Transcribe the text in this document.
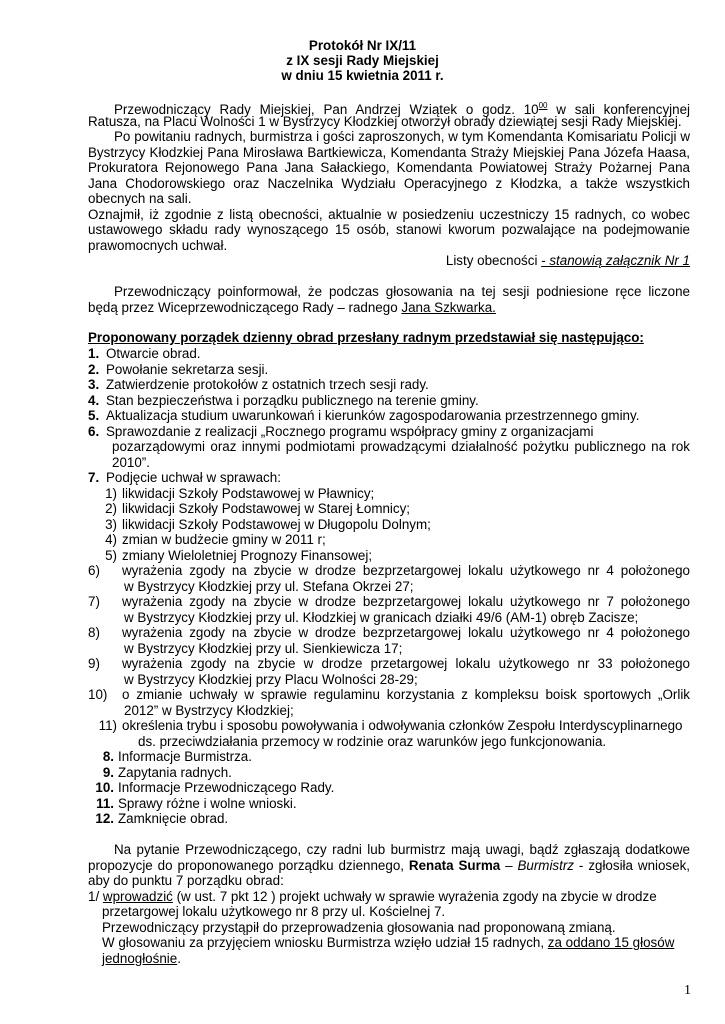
Protokół Nr IX/11
z IX sesji Rady Miejskiej
w dniu 15 kwietnia 2011 r.
Przewodniczący Rady Miejskiej, Pan Andrzej Wziątek o godz. $10^{00}$ w sali konferencyjnej
Ratusza, na Placu Wolności 1 w Bystrzycy Kłodzkiej otworzył obrady dziewiątej sesji Rady Miejskiej.
Po powitaniu radnych, burmistrza i gości zaproszonych, w tym Komendanta Komisariatu Policji w Bystrzycy Kłodzkiej Pana Mirosława Bartkiewicza, Komendanta Straży Miejskiej Pana Józefa Haasa, Prokuratora Rejonowego Pana Jana Sałackiego, Komendanta Powiatowej Straży Pożarnej Pana Jana Chodorowskiego oraz Naczelnika Wydziału Operacyjnego z Kłodzka, a także wszystkich obecnych na sali.
Oznajmił, iż zgodnie z listą obecności, aktualnie w posiedzeniu uczestniczy 15 radnych, co wobec ustawowego składu rady wynoszącego 15 osób, stanowi kworum pozwalające na podejmowanie prawomocnych uchwał.
Listy obecności - stanowią załącznik Nr 1
Przewodniczący poinformował, że podczas głosowania na tej sesji podniesione ręce liczone będą przez Wiceprzewodniczącego Rady – radnego Jana Szkwarka.
Proponowany porządek dzienny obrad przesłany radnym przedstawiał się następująco:
1. Otwarcie obrad.
2. Powołanie sekretarza sesji.
3. Zatwierdzenie protokołów z ostatnich trzech sesji rady.
4. Stan bezpieczeństwa i porządku publicznego na terenie gminy.
5. Aktualizacja studium uwarunkowań i kierunków zagospodarowania przestrzennego gminy.
6. Sprawozdanie z realizacji „Rocznego programu współpracy gminy z organizacjami
pozarządowymi oraz innymi podmiotami prowadzącymi działalność pożytku publicznego na rok
2010”.
7. Podjęcie uchwał w sprawach:
1) likwidacji Szkoły Podstawowej w Pławnicy;
2) likwidacji Szkoły Podstawowej w Starej Łomnicy;
3) likwidacji Szkoły Podstawowej w Długopolu Dolnym;
4) zmian w budżecie gminy w 2011 r;
5) zmiany Wieloletniej Prognozy Finansowej;
6) wyrażenia zgody na zbycie w drodze bezprzetargowej lokalu użytkowego nr 4 położonego
w Bystrzycy Kłodzkiej przy ul. Stefana Okrzei 27;
7) wyrażenia zgody na zbycie w drodze bezprzetargowej lokalu użytkowego nr 7 położonego
w Bystrzycy Kłodzkiej przy ul. Kłodzkiej w granicach działki 49/6 (AM-1) obręb Zacisze;
8) wyrażenia zgody na zbycie w drodze bezprzetargowej lokalu użytkowego nr 4 położonego
w Bystrzycy Kłodzkiej przy ul. Sienkiewicza 17;
9) wyrażenia zgody na zbycie w drodze przetargowej lokalu użytkowego nr 33 położonego
w Bystrzycy Kłodzkiej przy Placu Wolności 28-29;
10) o zmianie uchwały w sprawie regulaminu korzystania z kompleksu boisk sportowych „Orlik
2012” w Bystrzycy Kłodzkiej;
11) określenia trybu i sposobu powoływania i odwoływania członków Zespołu Interdyscyplinarnego
ds. przeciwdziałania przemocy w rodzinie oraz warunków jego funkcjonowania.
8. Informacje Burmistrza.
9. Zapytania radnych.
10. Informacje Przewodniczącego Rady.
11. Sprawy różne i wolne wnioski.
12. Zamknięcie obrad.
Na pytanie Przewodniczącego, czy radni lub burmistrz mają uwagi, bądź zgłaszają dodatkowe propozycje do proponowanego porządku dziennego, Renata Surma – Burmistrz - zgłosiła wniosek, aby do punktu 7 porządku obrad:
1/ wprowadzić (w ust. 7 pkt 12 ) projekt uchwały w sprawie wyrażenia zgody na zbycie w drodze
przetargowej lokalu użytkowego nr 8 przy ul. Kościelnej 7.
Przewodniczący przystąpił do przeprowadzenia głosowania nad proponowaną zmianą.
W głosowaniu za przyjęciem wniosku Burmistrza wzięło udział 15 radnych, za oddano 15 głosów
jednogłośnie.
1
